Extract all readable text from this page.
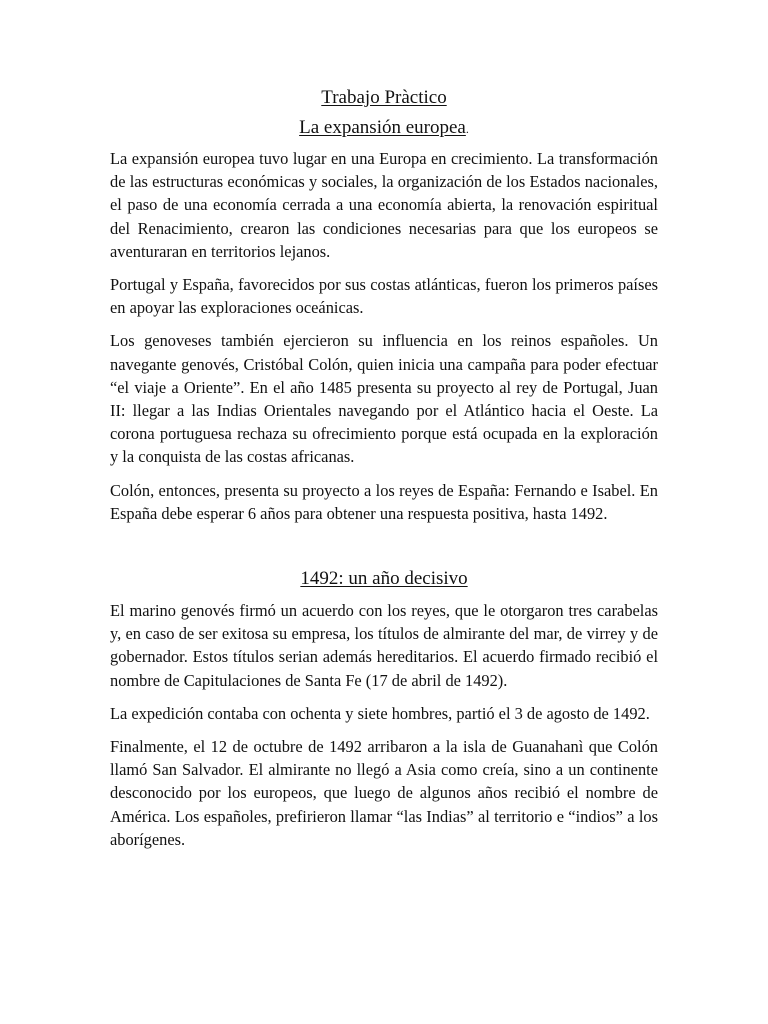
Trabajo Pràctico
La expansión europea.

La expansión europea tuvo lugar en una Europa en crecimiento. La transformación de las estructuras económicas y sociales, la organización de los Estados nacionales, el paso de una economía cerrada a una economía abierta, la renovación espiritual del Renacimiento, crearon las condiciones necesarias para que los europeos se aventuraran en territorios lejanos.

Portugal y España, favorecidos por sus costas atlánticas, fueron los primeros países en apoyar las exploraciones oceánicas.

Los genoveses también ejercieron su influencia en los reinos españoles. Un navegante genovés, Cristóbal Colón, quien inicia una campaña para poder efectuar “el viaje a Oriente”. En el año 1485 presenta su proyecto al rey de Portugal, Juan II: llegar a las Indias Orientales navegando por el Atlántico hacia el Oeste. La corona portuguesa rechaza su ofrecimiento porque está ocupada en la exploración y la conquista de las costas africanas.

Colón, entonces, presenta su proyecto a los reyes de España: Fernando e Isabel. En España debe esperar 6 años para obtener una respuesta positiva, hasta 1492.

1492: un año decisivo

El marino genovés firmó un acuerdo con los reyes, que le otorgaron tres carabelas y, en caso de ser exitosa su empresa, los títulos de almirante del mar, de virrey y de gobernador. Estos títulos serian además hereditarios. El acuerdo firmado recibió el nombre de Capitulaciones de Santa Fe (17 de abril de 1492).

La expedición contaba con ochenta y siete hombres, partió el 3 de agosto de 1492.

Finalmente, el 12 de octubre de 1492 arribaron a la isla de Guanahanì que Colón llamó San Salvador. El almirante no llegó a Asia como creía, sino a un continente desconocido por los europeos, que luego de algunos años recibió el nombre de América. Los españoles, prefirieron llamar “las Indias” al territorio e “indios” a los aborígenes.
